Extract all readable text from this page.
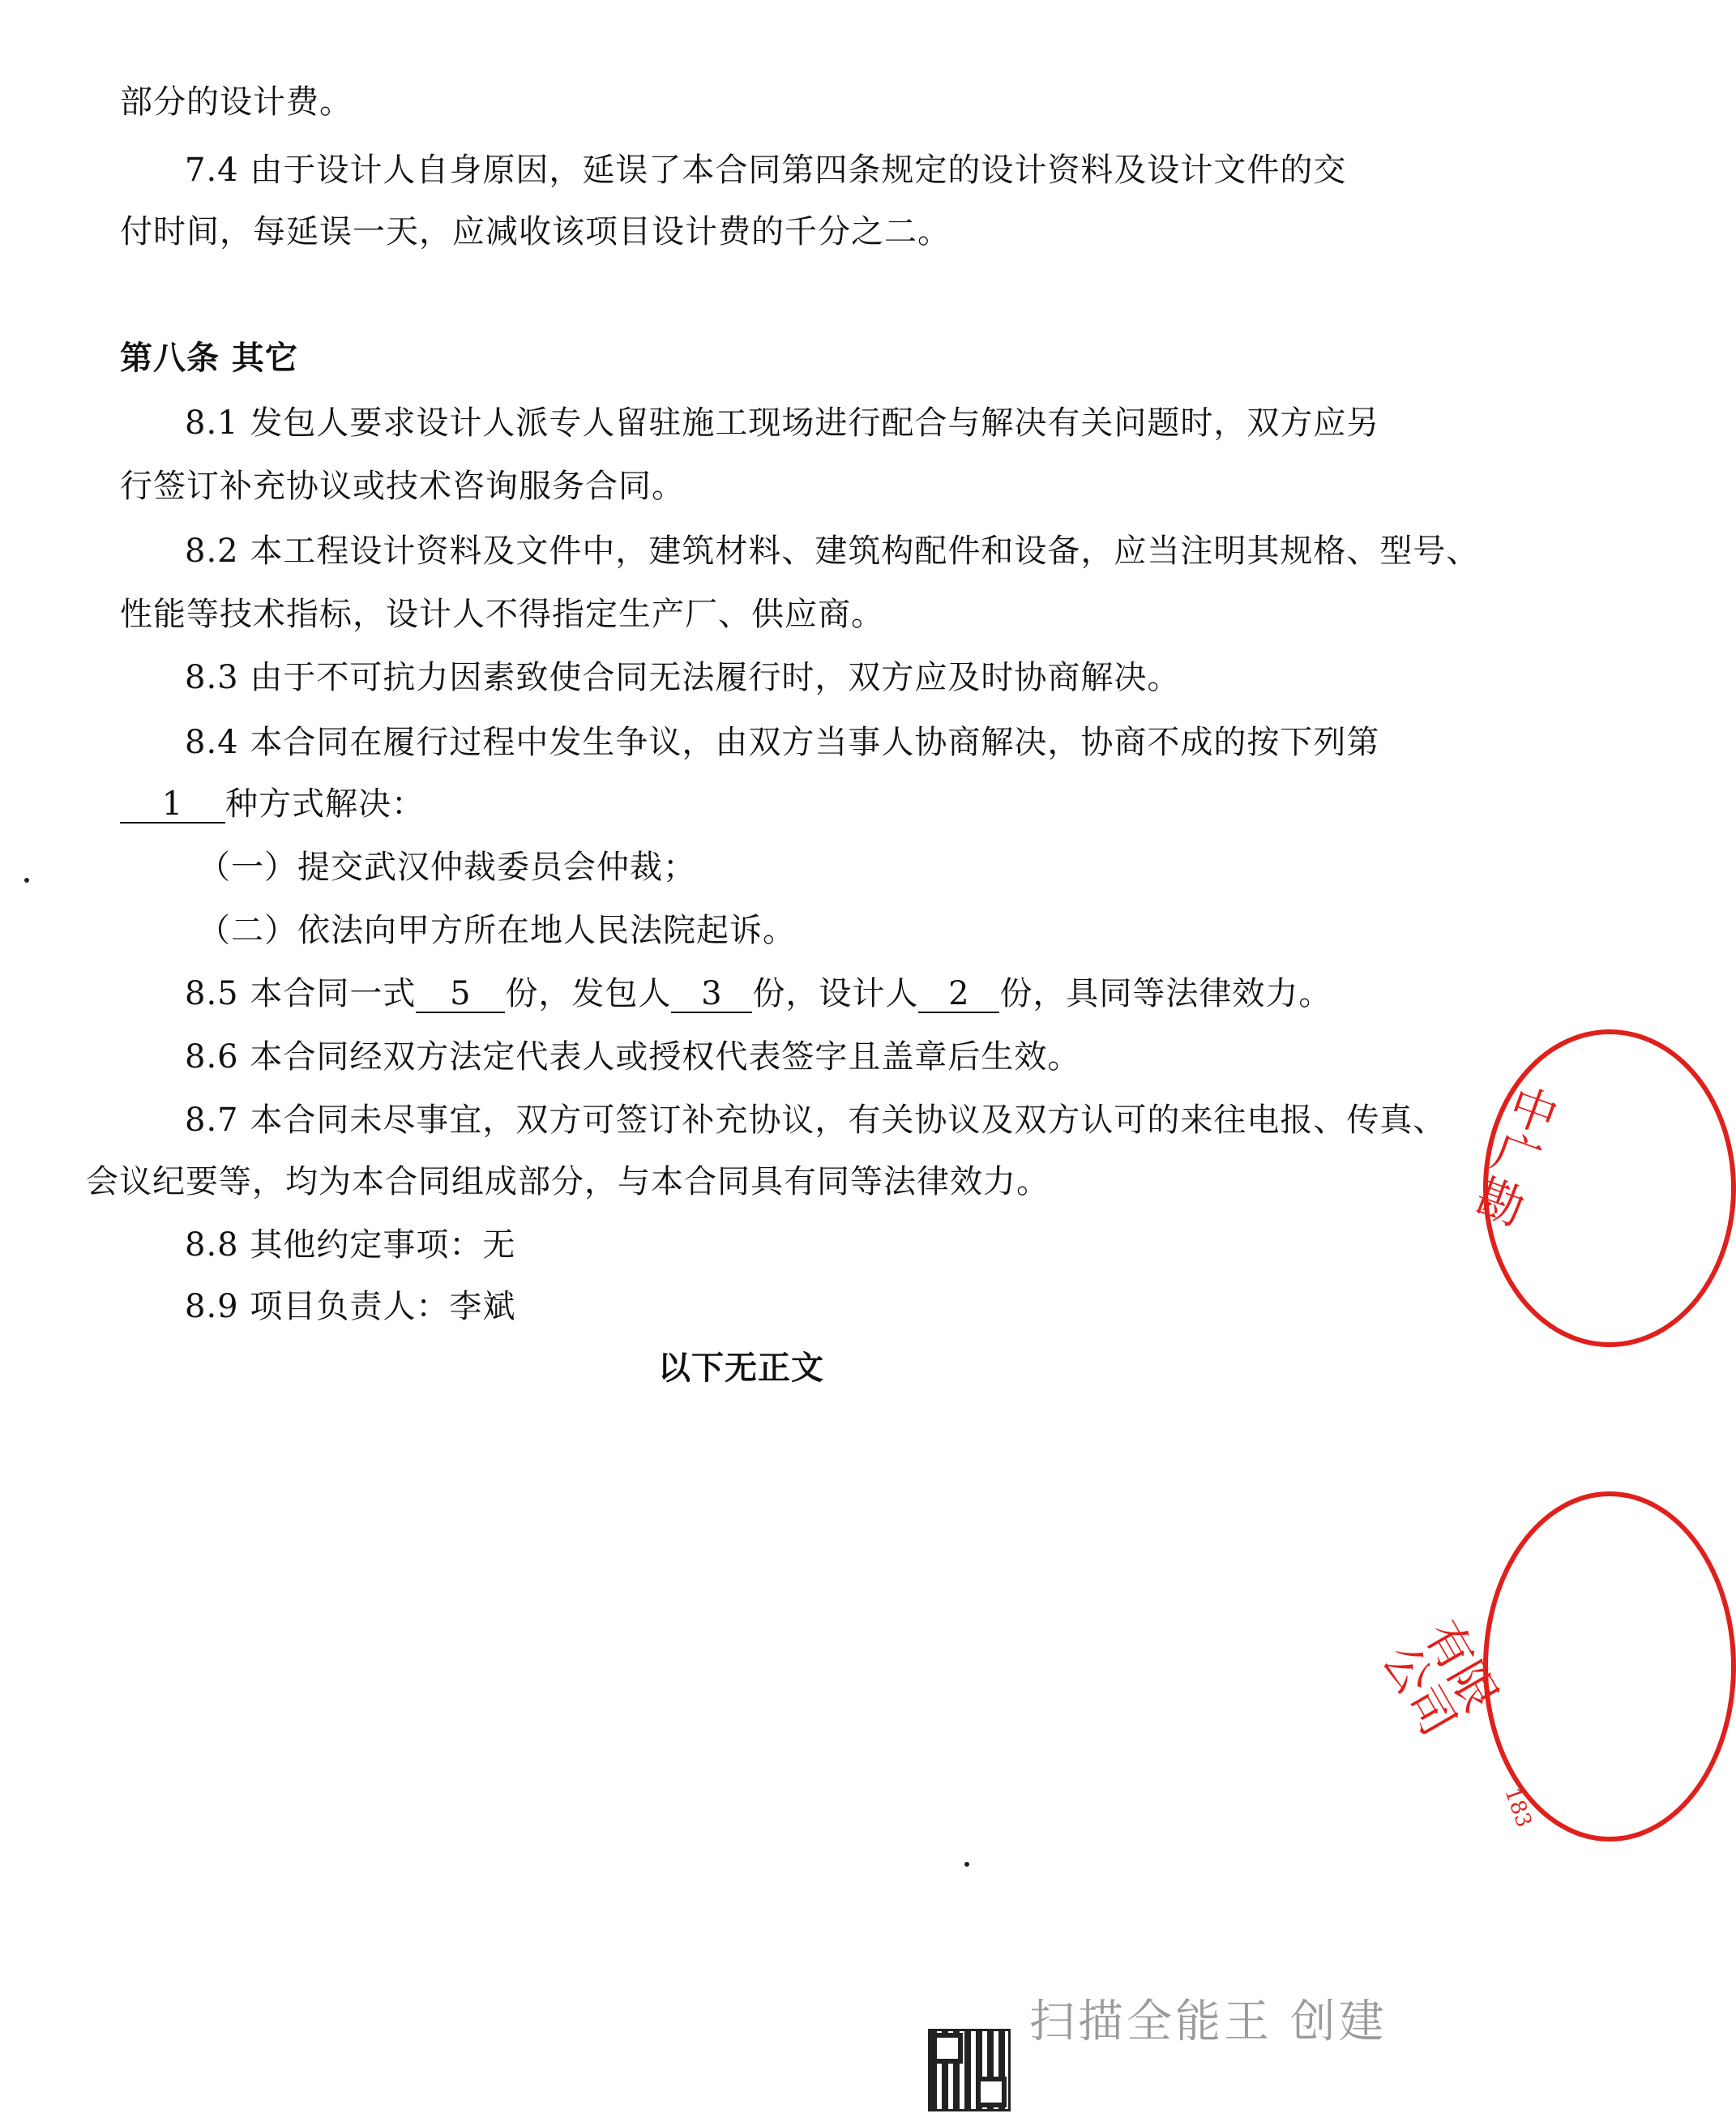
部分的设计费。
7.4 由于设计人自身原因，延误了本合同第四条规定的设计资料及设计文件的交
付时间，每延误一天，应减收该项目设计费的千分之二。
第八条 其它
8.1 发包人要求设计人派专人留驻施工现场进行配合与解决有关问题时，双方应另
行签订补充协议或技术咨询服务合同。
8.2 本工程设计资料及文件中，建筑材料、建筑构配件和设备，应当注明其规格、型号、
性能等技术指标，设计人不得指定生产厂、供应商。
8.3 由于不可抗力因素致使合同无法履行时，双方应及时协商解决。
8.4 本合同在履行过程中发生争议，由双方当事人协商解决，协商不成的按下列第
1 种方式解决：
（一）提交武汉仲裁委员会仲裁；
（二）依法向甲方所在地人民法院起诉。
8.5 本合同一式 5 份，发包人 3 份，设计人 2 份，具同等法律效力。
8.6 本合同经双方法定代表人或授权代表签字且盖章后生效。
8.7 本合同未尽事宜，双方可签订补充协议，有关协议及双方认可的来往电报、传真、
会议纪要等，均为本合同组成部分，与本合同具有同等法律效力。
8.8 其他约定事项：无
8.9 项目负责人：李斌
以下无正文
中 广 勘
有限公司
183
扫描全能王 创建
